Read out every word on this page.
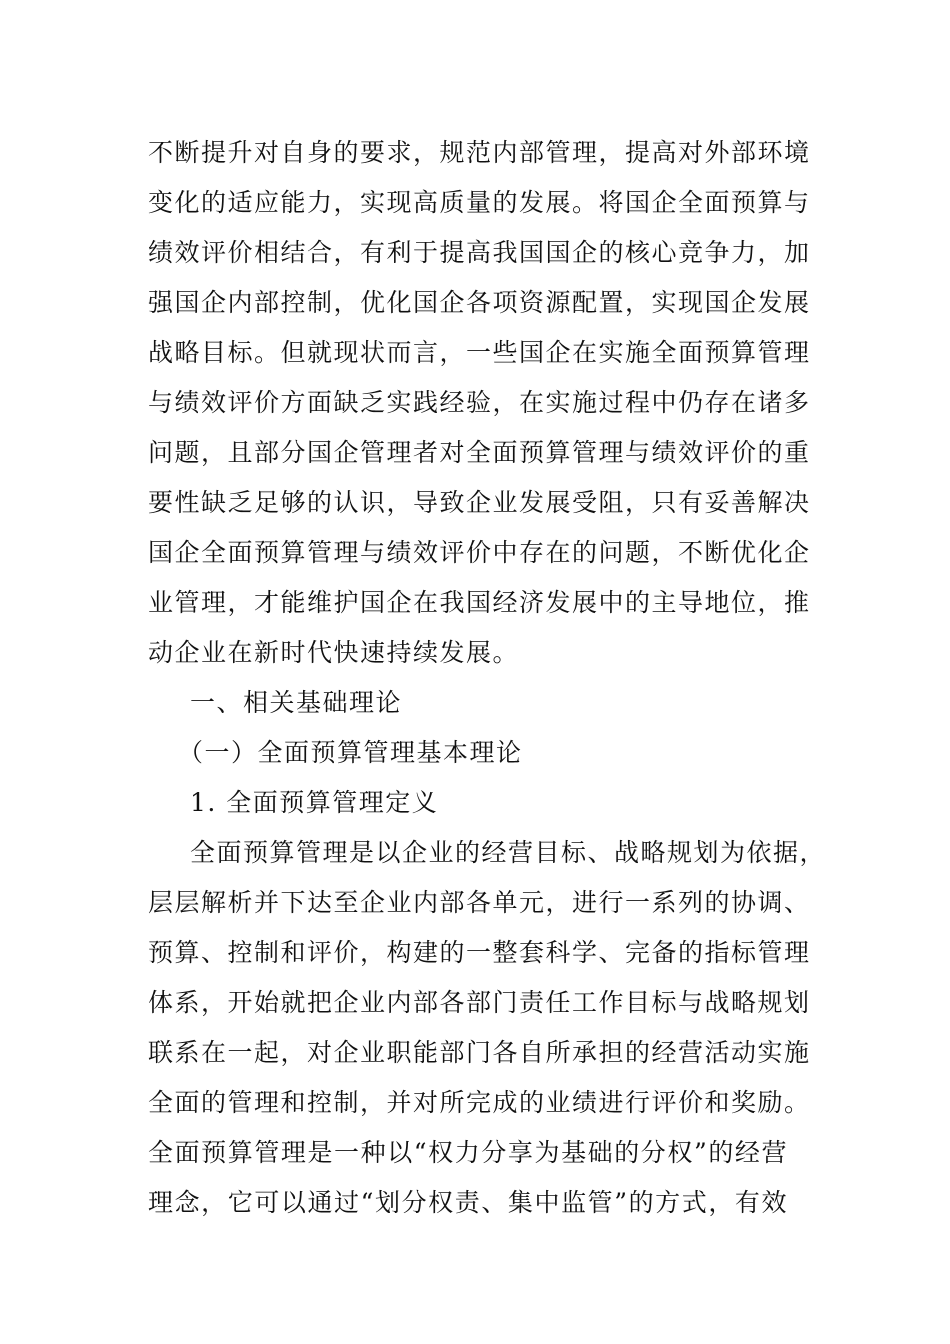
不断提升对自身的要求，规范内部管理，提高对外部环境
变化的适应能力，实现高质量的发展。将国企全面预算与
绩效评价相结合，有利于提高我国国企的核心竞争力，加
强国企内部控制，优化国企各项资源配置，实现国企发展
战略目标。但就现状而言，一些国企在实施全面预算管理
与绩效评价方面缺乏实践经验，在实施过程中仍存在诸多
问题，且部分国企管理者对全面预算管理与绩效评价的重
要性缺乏足够的认识，导致企业发展受阻，只有妥善解决
国企全面预算管理与绩效评价中存在的问题，不断优化企
业管理，才能维护国企在我国经济发展中的主导地位，推
动企业在新时代快速持续发展。
一、相关基础理论
（一）全面预算管理基本理论
1. 全面预算管理定义
全面预算管理是以企业的经营目标、战略规划为依据，
层层解析并下达至企业内部各单元，进行一系列的协调、
预算、控制和评价，构建的一整套科学、完备的指标管理
体系，开始就把企业内部各部门责任工作目标与战略规划
联系在一起，对企业职能部门各自所承担的经营活动实施
全面的管理和控制，并对所完成的业绩进行评价和奖励。
全面预算管理是一种以“权力分享为基础的分权”的经营
理念，它可以通过“划分权责、集中监管”的方式，有效
